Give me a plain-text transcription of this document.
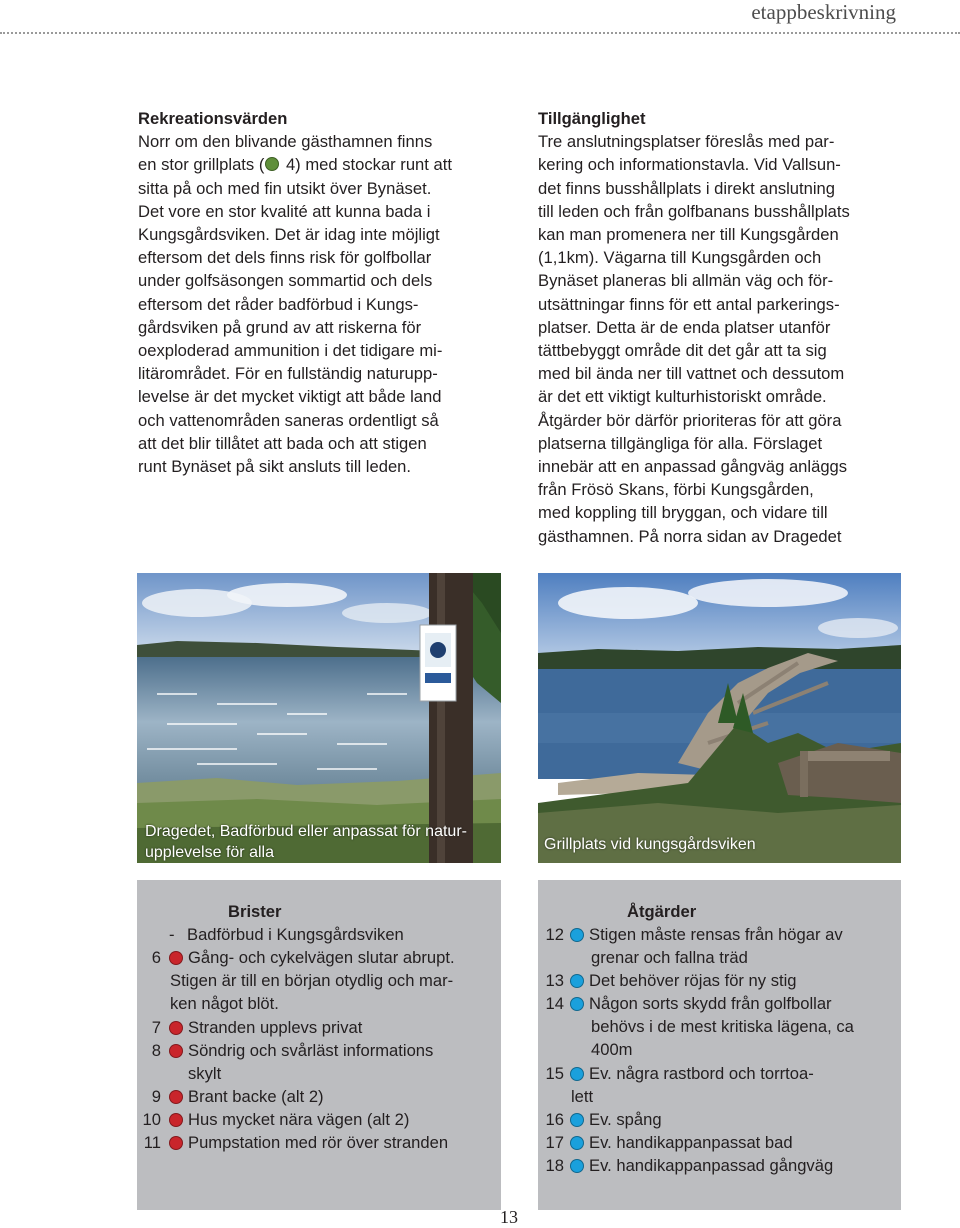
etappbeskrivning
Rekreationsvärden
Norr om den blivande gästhamnen finns
en stor grillplats ( 4) med stockar runt att
sitta på och med fin utsikt över Bynäset.
Det vore en stor kvalité att kunna bada i
Kungsgårdsviken. Det är idag inte möjligt
eftersom det dels finns risk för golfbollar
under golfsäsongen sommartid och dels
eftersom det råder badförbud i Kungs-
gårdsviken på grund av att riskerna för
oexploderad ammunition i det tidigare mi-
litärområdet. För en fullständig naturupp-
levelse är det mycket viktigt att både land
och vattenområden saneras ordentligt så
att det blir tillåtet att bada och att stigen
runt Bynäset på sikt ansluts till leden.
Tillgänglighet
Tre anslutningsplatser föreslås med par-
kering och informationstavla. Vid Vallsun-
det finns busshållplats i direkt anslutning
till leden och från golfbanans busshållplats
kan man promenera ner till Kungsgården
(1,1km). Vägarna till Kungsgården och
Bynäset planeras bli allmän väg och för-
utsättningar finns för ett antal parkerings-
platser. Detta är de enda platser utanför
tättbebyggt område dit det går att ta sig
med bil ända ner till vattnet och dessutom
är det ett viktigt kulturhistoriskt område.
Åtgärder bör därför prioriteras för att göra
platserna tillgängliga för alla. Förslaget
innebär att en anpassad gångväg anläggs
från Frösö Skans, förbi Kungsgården,
med koppling till bryggan, och vidare till
gästhamnen. På norra sidan av Dragedet
Dragedet, Badförbud eller anpassat för natur-
upplevelse för alla	Grillplats vid kungsgårdsviken
Brister
- Badförbud i Kungsgårdsviken
6 Gång- och cykelvägen slutar abrupt.
Stigen är till en början otydlig och mar-
ken något blöt.
7 Stranden upplevs privat
8 Söndrig och svårläst informations
skylt
9 Brant backe (alt 2)
10 Hus mycket nära vägen (alt 2)
11 Pumpstation med rör över stranden
Åtgärder
12 Stigen måste rensas från högar av
grenar och fallna träd
13 Det behöver röjas för ny stig
14 Någon sorts skydd från golfbollar
behövs i de mest kritiska lägena, ca
400m
15 Ev. några rastbord och torrtoa-
lett
16 Ev. spång
17 Ev. handikappanpassat bad
18 Ev. handikappanpassad gångväg
13
